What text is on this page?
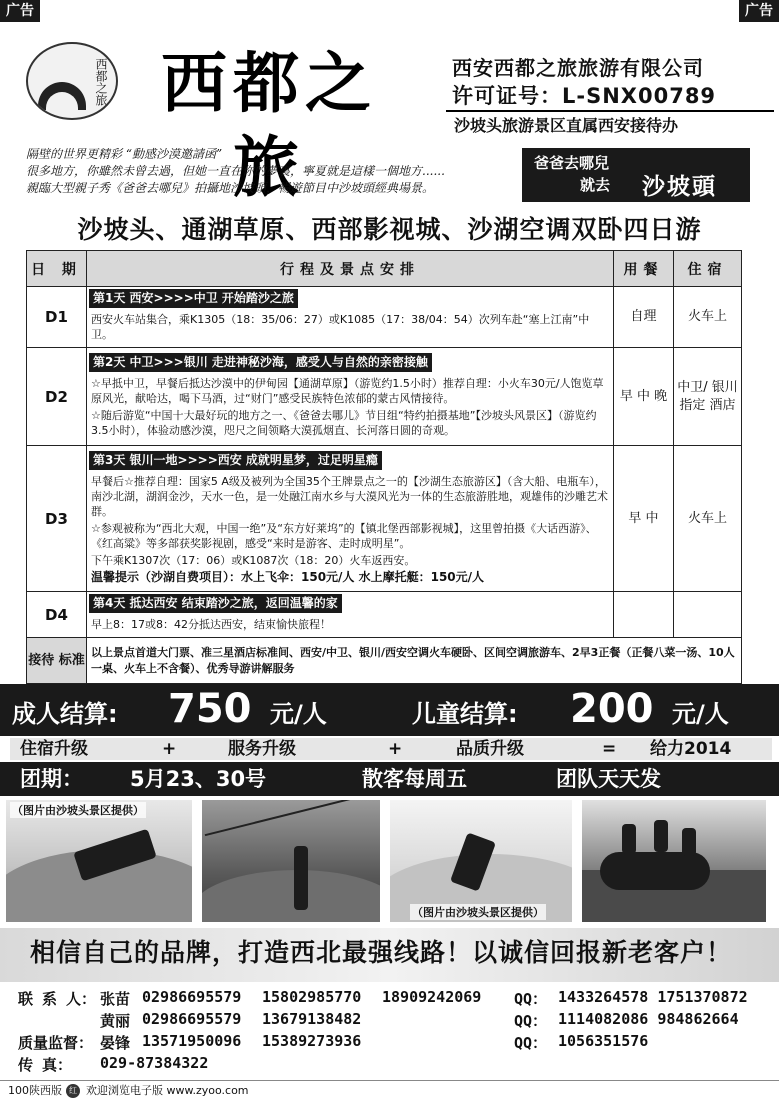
广告	广告
西都之旅 西都之旅
西安西都之旅旅游有限公司
许可证号：L-SNX00789
沙坡头旅游景区直属西安接待办
隔壁的世界更精彩 “動感沙漠邀請函”
很多地方，你雖然未曾去過，但她一直在你的夢裏，寧夏就是這樣一個地方......
親臨大型親子秀《爸爸去哪兒》拍攝地沙坡頭，暢遊節目中沙坡頭經典場景。
爸爸去哪兒
就去 沙坡頭
沙坡头、通湖草原、西部影视城、沙湖空调双卧四日游
日 期	行程及景点安排	用餐	住宿
D1	第1天 西安>>>>中卫 开始踏沙之旅

西安火车站集合，乘K1305（18：35/06：27）或K1085（17：38/04：54）次列车赴“塞上江南”中卫。	自理	火车上
D2	第2天 中卫>>>银川 走进神秘沙海，感受人与自然的亲密接触

☆早抵中卫，早餐后抵达沙漠中的伊甸园【通湖草原】（游览约1.5小时）推荐自理：小火车30元/人饱览草原风光，献哈达，喝下马酒，过“财门”感受民族特色浓郁的蒙古风情接待。

☆随后游览“中国十大最好玩的地方之一、《爸爸去哪儿》节目组“特约拍摄基地”【沙坡头风景区】（游览约3.5小时），体验动感沙漠，咫尺之间领略大漠孤烟直、长河落日圆的奇观。	早 中 晚	中卫/ 银川 指定 酒店
D3	第3天 银川一地>>>>西安 成就明星梦，过足明星瘾

早餐后☆推荐自理：国家5 A级及被列为全国35个王牌景点之一的【沙湖生态旅游区】（含大船、电瓶车），南沙北湖，湖润金沙，天水一色，是一处融江南水乡与大漠风光为一体的生态旅游胜地，观雄伟的沙雕艺术群。

☆参观被称为“西北大观，中国一绝”及“东方好莱坞”的【镇北堡西部影视城】，这里曾拍摄《大话西游》、《红高粱》等多部获奖影视剧，感受“来时是游客、走时成明星”。

下午乘K1307次（17：06）或K1087次（18：20）火车返西安。

温馨提示（沙湖自费项目）：水上飞伞：150元/人 水上摩托艇：150元/人	早 中	火车上
D4	第4天 抵达西安 结束踏沙之旅，返回温馨的家

早上8：17或8：42分抵达西安，结束愉快旅程！		

接待 标准	以上景点首道大门票、准三星酒店标准间、西安/中卫、银川/西安空调火车硬卧、区间空调旅游车、2早3正餐（正餐八菜一汤、10人一桌、火车上不含餐）、优秀导游讲解服务		
成人结算: 750 元/人	儿童结算: 200 元/人
住宿升级	+	服务升级	+	品质升级	= 给力2014
团期： 5月23、30号	散客每周五	团队天天发
（图片由沙坡头景区提供）
（图片由沙坡头景区提供）
相信自己的品牌，打造西北最强线路！以诚信回报新老客户！
联 系 人： 张苗 02986695579 15802985770 18909242069 QQ： 1433264578 1751370872
黄丽 02986695579 13679138482	QQ： 1114082086 984862664
质量监督： 晏锋 13571950096 15389273936	QQ： 1056351576
传 真： 029-87384322
100陕西版 红 欢迎浏览电子版 www.zyoo.com
